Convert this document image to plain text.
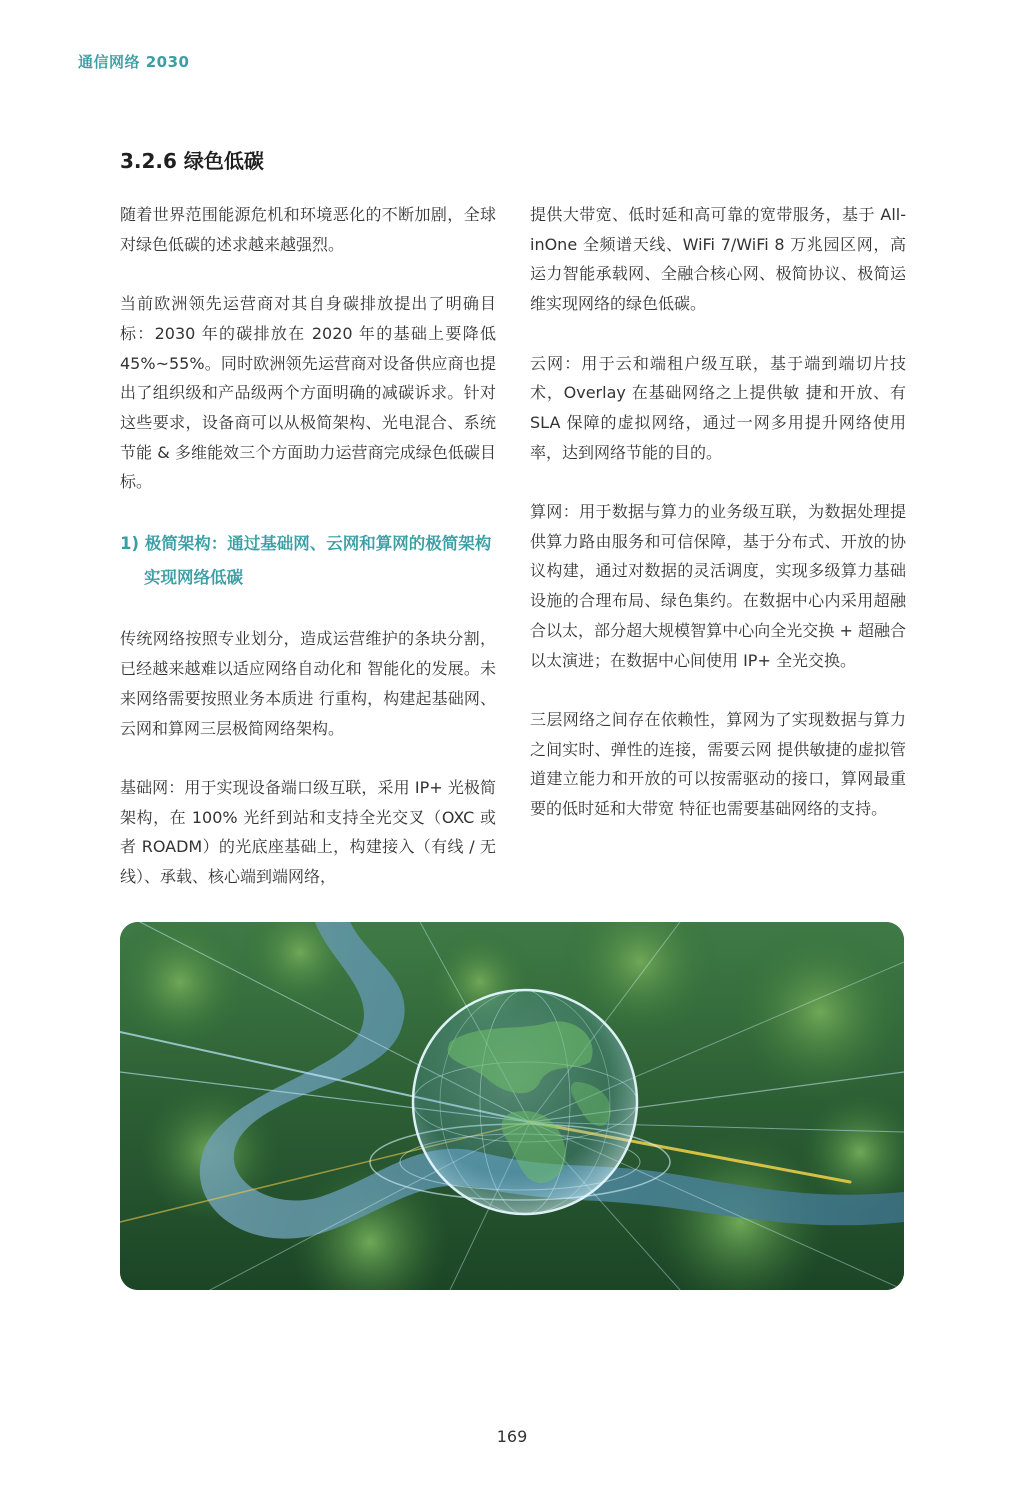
通信网络 2030
3.2.6 绿色低碳

随着世界范围能源危机和环境恶化的不断加剧，全球对绿色低碳的述求越来越强烈。

当前欧洲领先运营商对其自身碳排放提出了明确目标：2030 年的碳排放在 2020 年的基础上要降低 45%~55%。同时欧洲领先运营商对设备供应商也提出了组织级和产品级两个方面明确的减碳诉求。针对这些要求，设备商可以从极简架构、光电混合、系统节能 & 多维能效三个方面助力运营商完成绿色低碳目标。

1) 极简架构：通过基础网、云网和算网的极简架构实现网络低碳

传统网络按照专业划分，造成运营维护的条块分割，已经越来越难以适应网络自动化和 智能化的发展。未来网络需要按照业务本质进 行重构，构建起基础网、云网和算网三层极简网络架构。

基础网：用于实现设备端口级互联，采用 IP+ 光极简架构，在 100% 光纤到站和支持全光交叉（OXC 或者 ROADM）的光底座基础上，构建接入（有线 / 无线）、承载、核心端到端网络，

提供大带宽、低时延和高可靠的宽带服务，基于 All-inOne 全频谱天线、WiFi 7/WiFi 8 万兆园区网，高运力智能承载网、全融合核心网、极简协议、极简运维实现网络的绿色低碳。

云网：用于云和端租户级互联，基于端到端切片技术，Overlay 在基础网络之上提供敏 捷和开放、有 SLA 保障的虚拟网络，通过一网多用提升网络使用率，达到网络节能的目的。

算网：用于数据与算力的业务级互联，为数据处理提供算力路由服务和可信保障，基于分布式、开放的协议构建，通过对数据的灵活调度，实现多级算力基础设施的合理布局、绿色集约。在数据中心内采用超融合以太，部分超大规模智算中心向全光交换 + 超融合以太演进；在数据中心间使用 IP+ 全光交换。

三层网络之间存在依赖性，算网为了实现数据与算力之间实时、弹性的连接，需要云网 提供敏捷的虚拟管道建立能力和开放的可以按需驱动的接口，算网最重要的低时延和大带宽 特征也需要基础网络的支持。

169
